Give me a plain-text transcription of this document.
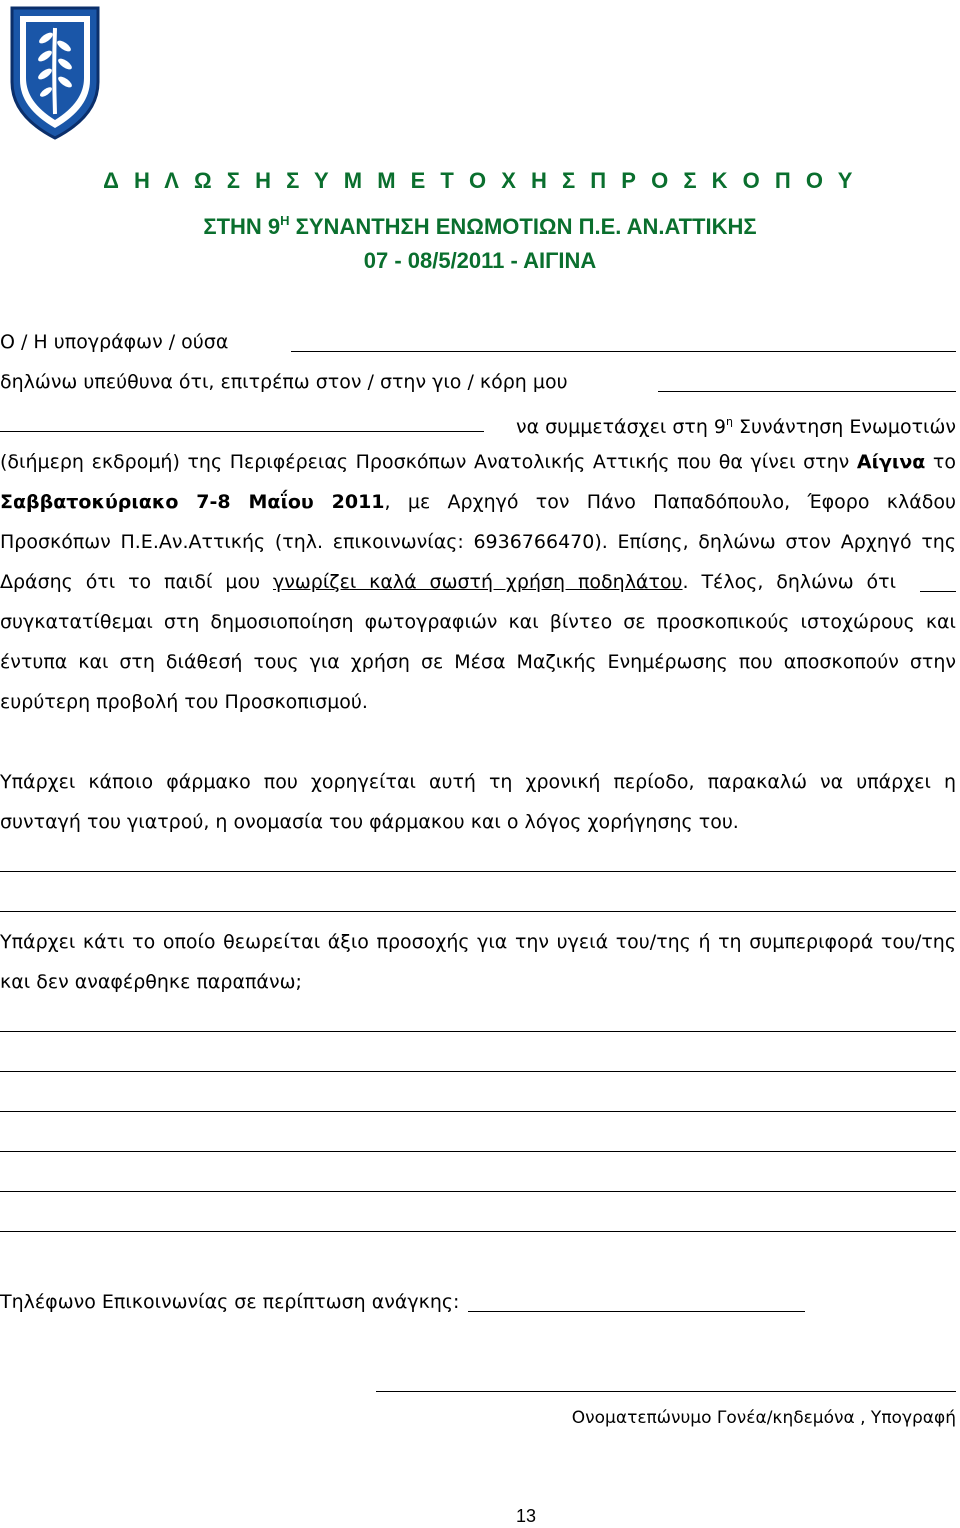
Δ Η Λ Ω Σ Η Σ Υ Μ Μ Ε Τ Ο Χ Η Σ Π Ρ Ο Σ Κ Ο Π Ο Υ
ΣΤΗΝ $9^H$ ΣΥΝΑΝΤΗΣΗ ΕΝΩΜΟΤΙΩΝ Π.Ε. ΑΝ.ΑΤΤΙΚΗΣ
07 - 08/5/2011 - ΑΙΓΙΝΑ
Ο / Η υπογράφων / ούσα
δηλώνω υπεύθυνα ότι, επιτρέπω στον / στην γιο / κόρη μου
να συμμετάσχει στη $9^\eta$ Συνάντηση Ενωμοτιών
(διήμερη εκδρομή) της Περιφέρειας Προσκόπων Ανατολικής Αττικής που θα γίνει στην Αίγινα το
Σαββατοκύριακο 7-8 Μαΐου 2011, με Αρχηγό τον Πάνο Παπαδόπουλο, Έφορο κλάδου
Προσκόπων Π.Ε.Αν.Αττικής (τηλ. επικοινωνίας: 6936766470). Επίσης, δηλώνω στον Αρχηγό της
Δράσης ότι το παιδί μου γνωρίζει καλά σωστή χρήση ποδηλάτου. Τέλος, δηλώνω ότι
συγκατατίθεμαι στη δημοσιοποίηση φωτογραφιών και βίντεο σε προσκοπικούς ιστοχώρους και
έντυπα και στη διάθεσή τους για χρήση σε Μέσα Μαζικής Ενημέρωσης που αποσκοπούν στην
ευρύτερη προβολή του Προσκοπισμού.
Υπάρχει κάποιο φάρμακο που χορηγείται αυτή τη χρονική περίοδο, παρακαλώ να υπάρχει η
συνταγή του γιατρού, η ονομασία του φάρμακου και ο λόγος χορήγησης του.
Υπάρχει κάτι το οποίο θεωρείται άξιο προσοχής για την υγειά του/της ή τη συμπεριφορά του/της
και δεν αναφέρθηκε παραπάνω;
Τηλέφωνο Επικοινωνίας σε περίπτωση ανάγκης:
Ονοματεπώνυμο Γονέα/κηδεμόνα , Υπογραφή
13
